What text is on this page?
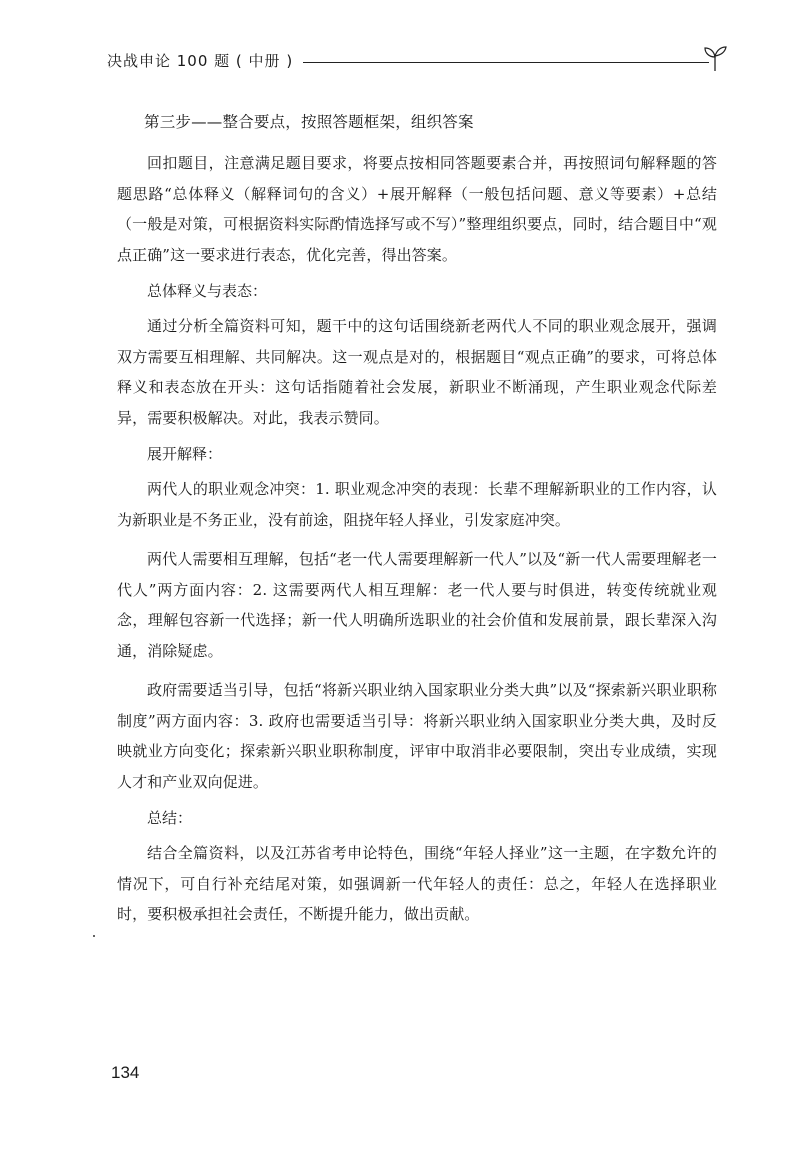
决战申论 100 题 ( 中册 )

第三步——整合要点，按照答题框架，组织答案

回扣题目，注意满足题目要求，将要点按相同答题要素合并，再按照词句解释题的答题思路“总体释义（解释词句的含义）+展开解释（一般包括问题、意义等要素）+总结（一般是对策，可根据资料实际酌情选择写或不写）”整理组织要点，同时，结合题目中“观点正确”这一要求进行表态，优化完善，得出答案。

总体释义与表态：

通过分析全篇资料可知，题干中的这句话围绕新老两代人不同的职业观念展开，强调双方需要互相理解、共同解决。这一观点是对的，根据题目“观点正确”的要求，可将总体释义和表态放在开头：这句话指随着社会发展，新职业不断涌现，产生职业观念代际差异，需要积极解决。对此，我表示赞同。

展开解释：

两代人的职业观念冲突：1. 职业观念冲突的表现：长辈不理解新职业的工作内容，认为新职业是不务正业，没有前途，阻挠年轻人择业，引发家庭冲突。

两代人需要相互理解，包括“老一代人需要理解新一代人”以及“新一代人需要理解老一代人”两方面内容：2. 这需要两代人相互理解：老一代人要与时俱进，转变传统就业观念，理解包容新一代选择；新一代人明确所选职业的社会价值和发展前景，跟长辈深入沟通，消除疑虑。

政府需要适当引导，包括“将新兴职业纳入国家职业分类大典”以及“探索新兴职业职称制度”两方面内容：3. 政府也需要适当引导：将新兴职业纳入国家职业分类大典，及时反映就业方向变化；探索新兴职业职称制度，评审中取消非必要限制，突出专业成绩，实现人才和产业双向促进。

总结：

结合全篇资料，以及江苏省考申论特色，围绕“年轻人择业”这一主题，在字数允许的情况下，可自行补充结尾对策，如强调新一代年轻人的责任：总之，年轻人在选择职业时，要积极承担社会责任，不断提升能力，做出贡献。

134
